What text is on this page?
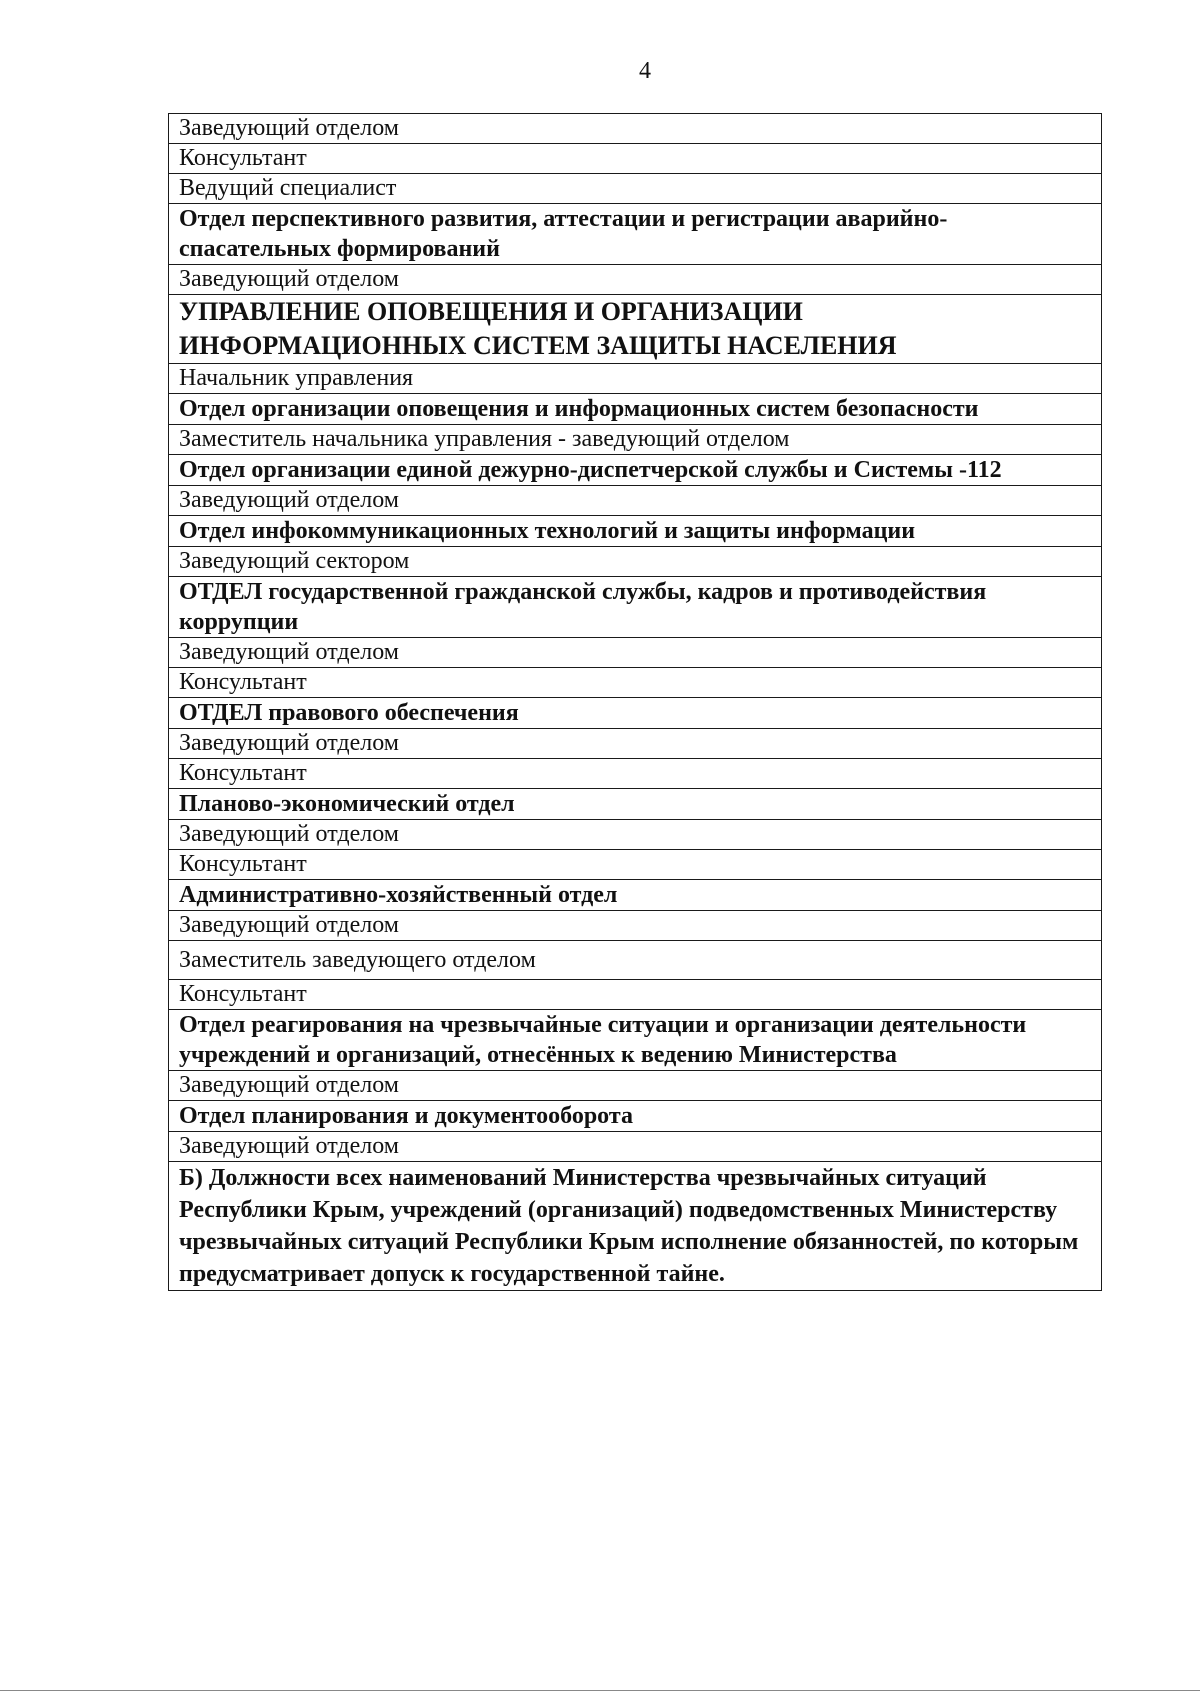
4
Заведующий отделом
Консультант
Ведущий специалист
Отдел перспективного развития, аттестации и регистрации аварийно-спасательных формирований
Заведующий отделом
УПРАВЛЕНИЕ ОПОВЕЩЕНИЯ И ОРГАНИЗАЦИИ ИНФОРМАЦИОННЫХ СИСТЕМ ЗАЩИТЫ НАСЕЛЕНИЯ
Начальник управления
Отдел организации оповещения и информационных систем безопасности
Заместитель начальника управления - заведующий отделом
Отдел организации единой дежурно-диспетчерской службы и Системы -112
Заведующий отделом
Отдел инфокоммуникационных технологий и защиты информации
Заведующий сектором
ОТДЕЛ государственной гражданской службы, кадров и противодействия коррупции
Заведующий отделом
Консультант
ОТДЕЛ правового обеспечения
Заведующий отделом
Консультант
Планово-экономический отдел
Заведующий отделом
Консультант
Административно-хозяйственный отдел
Заведующий отделом
Заместитель заведующего отделом
Консультант
Отдел реагирования на чрезвычайные ситуации и организации деятельности учреждений и организаций, отнесённых к ведению Министерства
Заведующий отделом
Отдел планирования и документооборота
Заведующий отделом
Б) Должности всех наименований Министерства чрезвычайных ситуаций Республики Крым, учреждений (организаций) подведомственных Министерству чрезвычайных ситуаций Республики Крым исполнение обязанностей, по которым предусматривает допуск к государственной тайне.
